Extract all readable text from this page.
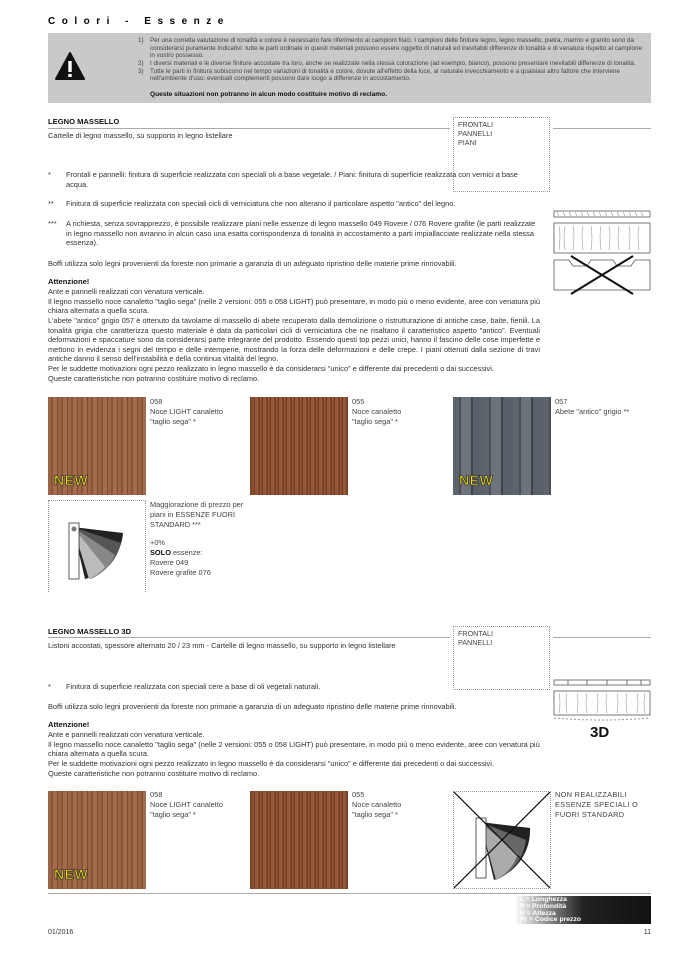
Colori - Essenze
1) Per una corretta valutazione di tonalità e colore è necessario fare riferimento ai campioni fisici. I campioni delle finiture legno, legno massello, pietra, marmo e granito sono da considerarsi puramente indicativi: tutte le parti ordinate in questi materiali possono essere oggetto di naturali ed inevitabili differenze di tonalità e di venatura rispetto al campione in vostro possesso.
2) I diversi materiali e le diverse finiture accostate tra loro, anche se realizzate nella stessa colorazione (ad esempio, bianco), possono presentare inevitabili differenze di tonalità.
3) Tutte le parti in finitura subiscono nel tempo variazioni di tonalità e colore, dovute all'effetto della luce, al naturale invecchiamento e a qualsiasi altro fattore che interviene nell'ambiente d'uso: eventuali complementi possono dare luogo a differenze in accostamento.
Queste situazioni non potranno in alcun modo costituire motivo di reclamo.
LEGNO MASSELLO
Cartelle di legno massello, su supporto in legno listellare
FRONTALI
PANNELLI
PIANI
* Frontali e pannelli: finitura di superficie realizzata con speciali oli a base vegetale. / Piani: finitura di superficie realizzata con vernici a base acqua.
** Finitura di superficie realizzata con speciali cicli di verniciatura che non alterano il particolare aspetto "antico" del legno.
*** A richiesta, senza sovrapprezzo, è possibile realizzare piani nelle essenze di legno massello 049 Rovere / 076 Rovere grafite (le parti realizzate in legno massello non avranno in alcun caso una esatta corrispondenza di tonalità in accostamento a parti impiallacciate realizzate nella stessa essenza).
Boffi utilizza solo legni provenienti da foreste non primarie a garanzia di un adeguato ripristino delle materie prime rinnovabili.
Attenzione!
Ante e pannelli realizzati con venatura verticale.
Il legno massello noce canaletto "taglio sega" (nelle 2 versioni: 055 o 058 LIGHT) può presentare, in modo più o meno evidente, aree con venatura più chiara alternata a quella scura.
L'abete "antico" grigio 057 è ottenuto da tavolame di massello di abete recuperato dalla demolizione o ristrutturazione di antiche case, baite, fienili. La tonalità grigia che caratterizza questo materiale è data da particolari cicli di verniciatura che ne risaltano il caratteristico aspetto "antico". Eventuali deformazioni e spaccature sono da considerarsi parte integrante del prodotto. Essendo questi top pezzi unici, hanno il fascino delle cose imperfette e mettono in evidenza i segni del tempo e delle intemperie, mostrando la forza delle deformazioni e delle crepe. I piani ottenuti dalla sezione di travi antiche danno il senso dell'instabilità e della continua vitalità del legno.
Per le suddette motivazioni ogni pezzo realizzato in legno massello è da considerarsi "unico" e differente dai precedenti o dai successivi.
Queste caratteristiche non potranno costituire motivo di reclamo.
NEW
058
Noce LIGHT canaletto
"taglio sega" *
055
Noce canaletto
"taglio sega" *
NEW
057
Abete "antico" grigio **
Maggiorazione di prezzo per piani in ESSENZE FUORI STANDARD ***
+0%
SOLO essenze:
Rovere 049
Rovere grafite 076
LEGNO MASSELLO 3D
Listoni accostati, spessore alternato 20 / 23 mm - Cartelle di legno massello, su supporto in legno listellare
FRONTALI
PANNELLI
* Finitura di superficie realizzata con speciali cere a base di oli vegetali naturali.
Boffi utilizza solo legni provenienti da foreste non primarie a garanzia di un adeguato ripristino delle materie prime rinnovabili.
Attenzione!
Ante e pannelli realizzati con venatura verticale.
Il legno massello noce canaletto "taglio sega" (nelle 2 versioni: 055 o 058 LIGHT) può presentare, in modo più o meno evidente, aree con venatura più chiara alternata a quella scura.
Per le suddette motivazioni ogni pezzo realizzato in legno massello è da considerarsi "unico" e differente dai precedenti o dai successivi.
Queste caratteristiche non potranno costituire motivo di reclamo.
3D
NEW
058
Noce LIGHT canaletto
"taglio sega" *
055
Noce canaletto
"taglio sega" *
NON REALIZZABILI ESSENZE SPECIALI O FUORI STANDARD
L = Lunghezza
P = Profondità
H = Altezza
Pr = Codice prezzo
01/2016	11
